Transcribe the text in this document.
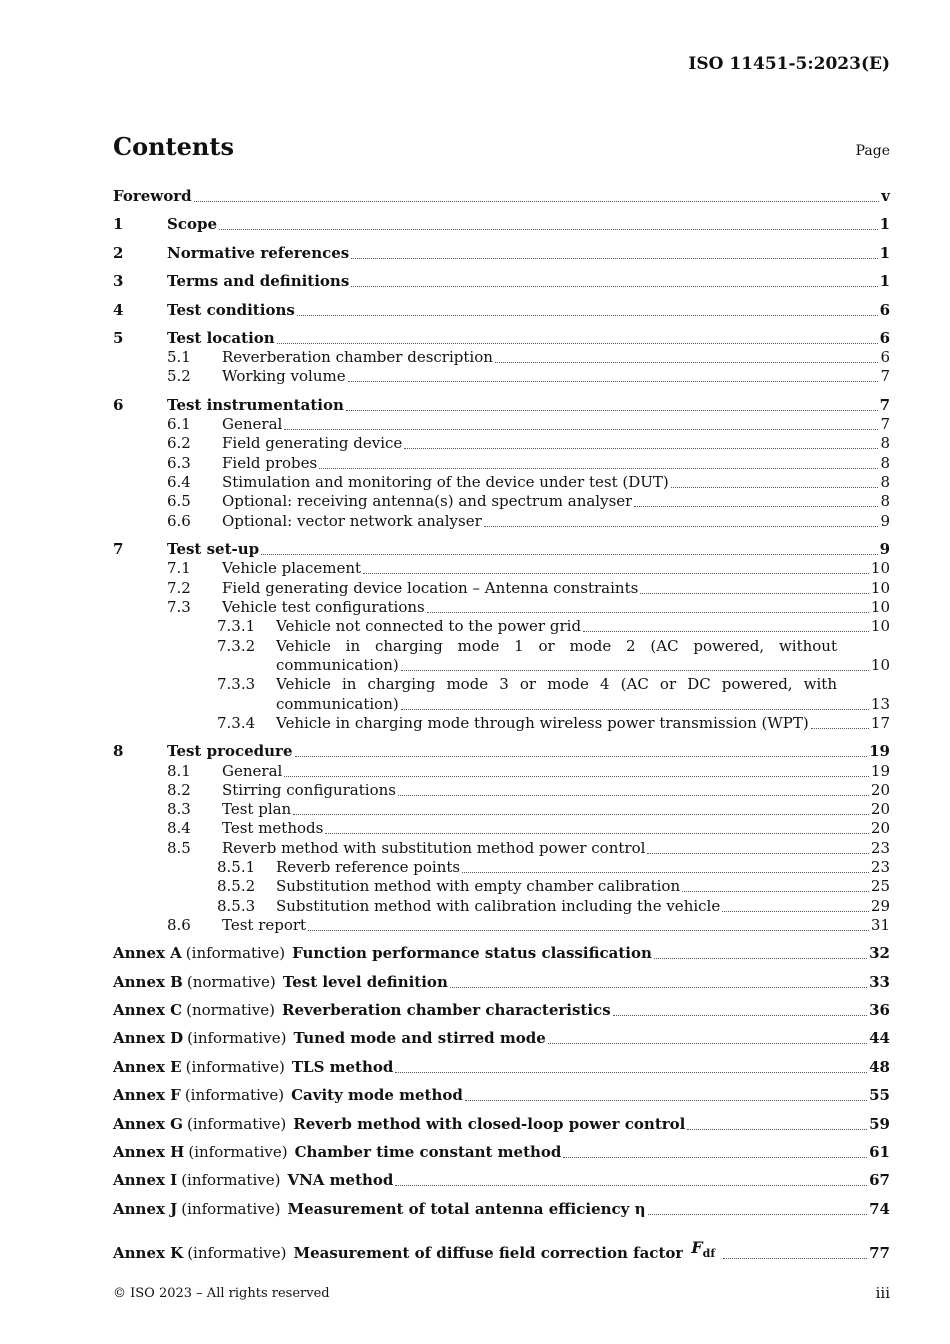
ISO 11451-5:2023(E)
Contents	Page
Foreword	v
1	Scope	1
2	Normative references	1
3	Terms and definitions	1
4	Test conditions	6
5	Test location	6
5.1	Reverberation chamber description	6
5.2	Working volume	7
6	Test instrumentation	7
6.1	General	7
6.2	Field generating device	8
6.3	Field probes	8
6.4	Stimulation and monitoring of the device under test (DUT)	8
6.5	Optional: receiving antenna(s) and spectrum analyser	8
6.6	Optional: vector network analyser	9
7	Test set-up	9
7.1	Vehicle placement	10
7.2	Field generating device location – Antenna constraints	10
7.3	Vehicle test configurations	10
7.3.1	Vehicle not connected to the power grid	10
7.3.2	Vehicle in charging mode 1 or mode 2 (AC powered, without
communication)	10
7.3.3	Vehicle in charging mode 3 or mode 4 (AC or DC powered, with
communication)	13
7.3.4	Vehicle in charging mode through wireless power transmission (WPT)	17
8	Test procedure	19
8.1	General	19
8.2	Stirring configurations	20
8.3	Test plan	20
8.4	Test methods	20
8.5	Reverb method with substitution method power control	23
8.5.1	Reverb reference points	23
8.5.2	Substitution method with empty chamber calibration	25
8.5.3	Substitution method with calibration including the vehicle	29
8.6	Test report	31
Annex A (informative) Function performance status classification	32
Annex B (normative) Test level definition	33
Annex C (normative) Reverberation chamber characteristics	36
Annex D (informative) Tuned mode and stirred mode	44
Annex E (informative) TLS method	48
Annex F (informative) Cavity mode method	55
Annex G (informative) Reverb method with closed-loop power control	59
Annex H (informative) Chamber time constant method	61
Annex I (informative) VNA method	67
Annex J (informative) Measurement of total antenna efficiency η	74
Annex K (informative) Measurement of diffuse field correction factor $F_{df}$	77
© ISO 2023 – All rights reserved	iii
